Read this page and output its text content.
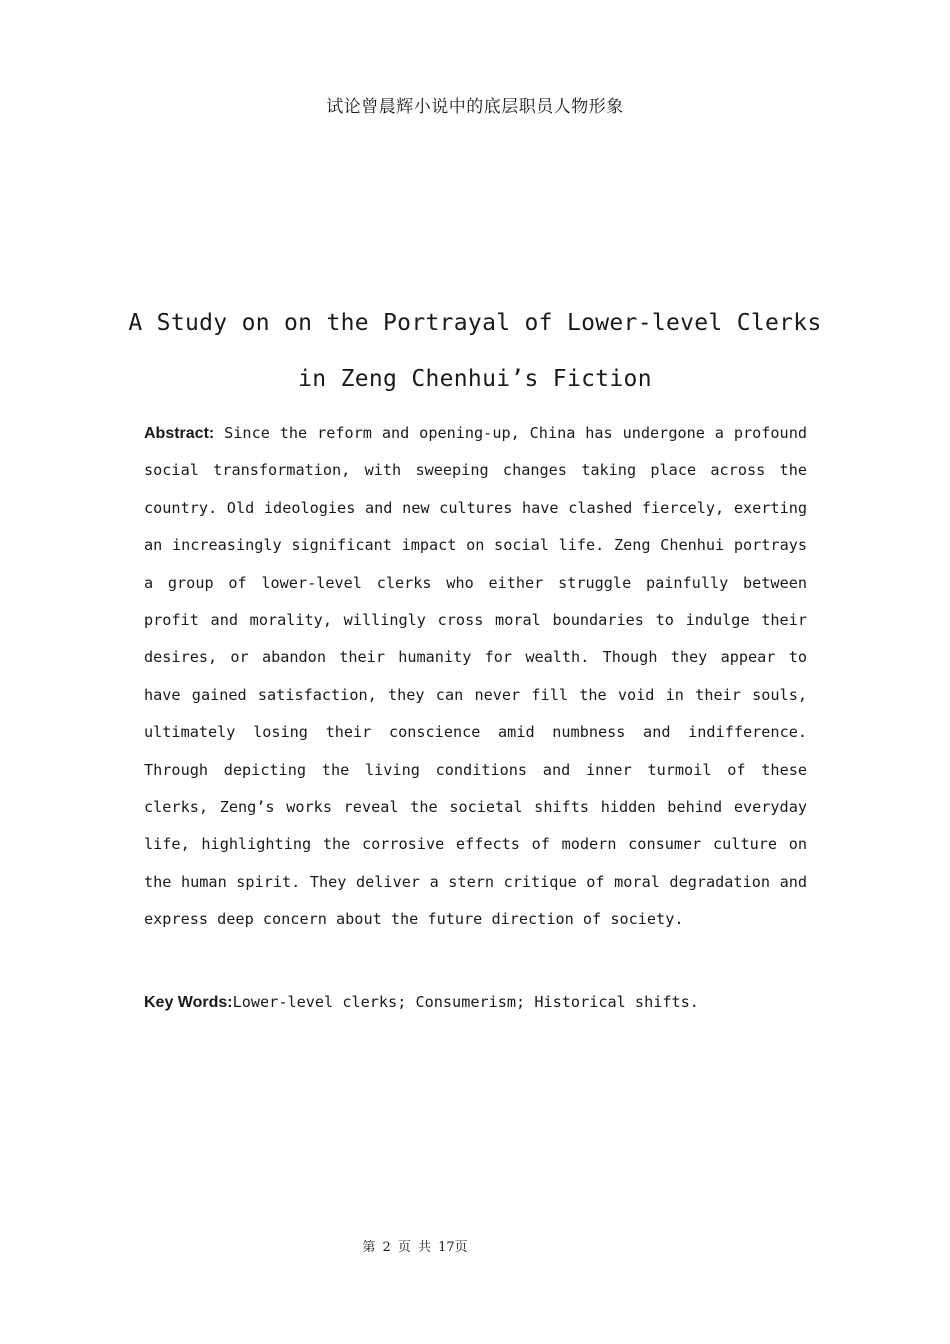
试论曾晨辉小说中的底层职员人物形象
A Study on on the Portrayal of Lower-level Clerks
in Zeng Chenhui’s Fiction

Abstract: Since the reform and opening-up, China has undergone a profound social transformation, with sweeping changes taking place across the country. Old ideologies and new cultures have clashed fiercely, exerting an increasingly significant impact on social life. Zeng Chenhui portrays a group of lower-level clerks who either struggle painfully between profit and morality, willingly cross moral boundaries to indulge their desires, or abandon their humanity for wealth. Though they appear to have gained satisfaction, they can never fill the void in their souls, ultimately losing their conscience amid numbness and indifference. Through depicting the living conditions and inner turmoil of these clerks, Zeng’s works reveal the societal shifts hidden behind everyday life, highlighting the corrosive effects of modern consumer culture on the human spirit. They deliver a stern critique of moral degradation and express deep concern about the future direction of society.

Key Words:Lower-level clerks; Consumerism; Historical shifts.

第 2 页 共 17页
